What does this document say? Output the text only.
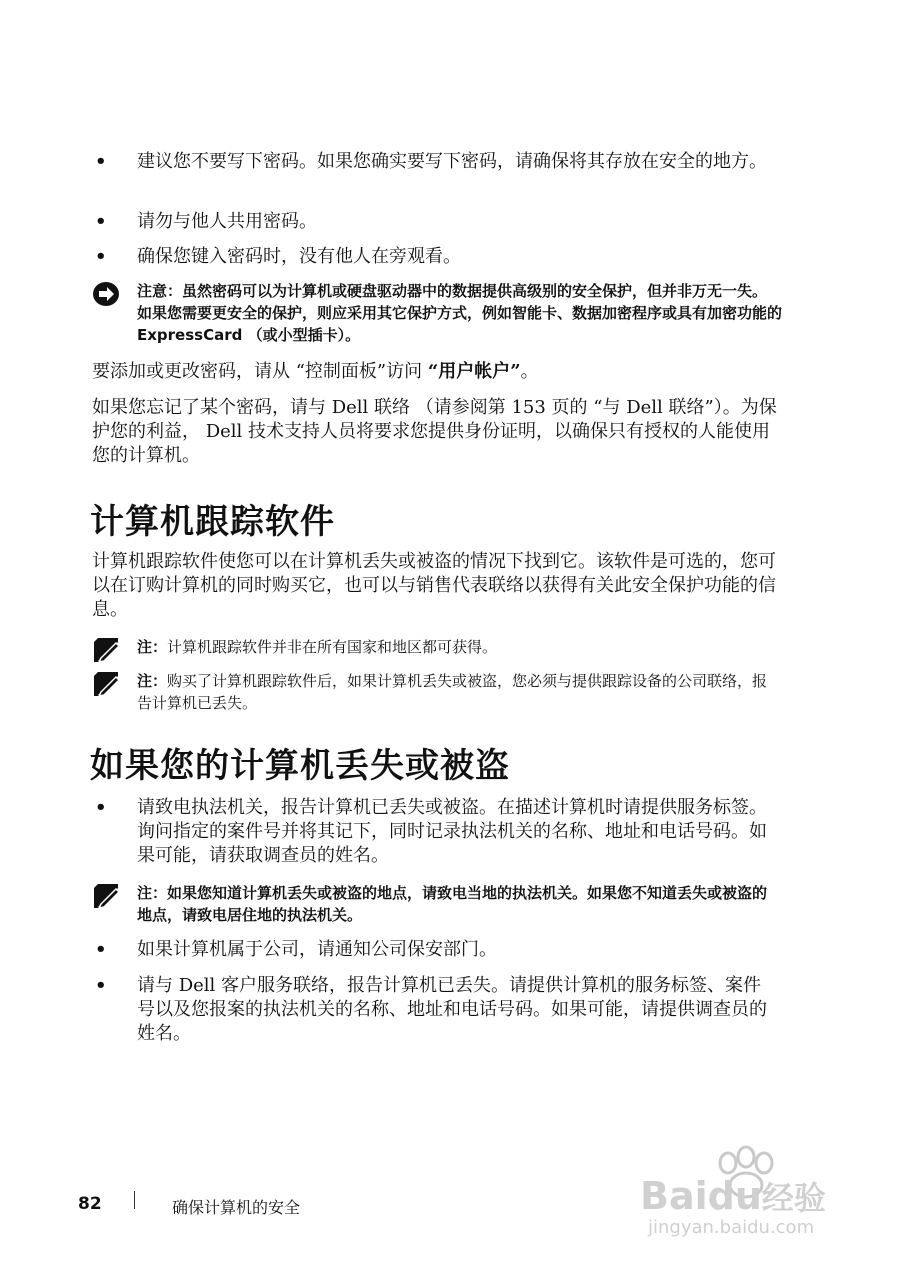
•	建议您不要写下密码。如果您确实要写下密码，请确保将其存放在安全的地方。
•	请勿与他人共用密码。
•	确保您键入密码时，没有他人在旁观看。
注意：虽然密码可以为计算机或硬盘驱动器中的数据提供高级别的安全保护，但并非万无一失。如果您需要更安全的保护，则应采用其它保护方式，例如智能卡、数据加密程序或具有加密功能的 ExpressCard （或小型插卡）。
要添加或更改密码，请从 “控制面板”访问 “用户帐户”。
如果您忘记了某个密码，请与 Dell 联络 （请参阅第 153 页的 “与 Dell 联络”）。为保护您的利益， Dell 技术支持人员将要求您提供身份证明，以确保只有授权的人能使用您的计算机。
计算机跟踪软件
计算机跟踪软件使您可以在计算机丢失或被盗的情况下找到它。该软件是可选的，您可以在订购计算机的同时购买它，也可以与销售代表联络以获得有关此安全保护功能的信息。
注：计算机跟踪软件并非在所有国家和地区都可获得。
注：购买了计算机跟踪软件后，如果计算机丢失或被盗，您必须与提供跟踪设备的公司联络，报告计算机已丢失。
如果您的计算机丢失或被盗
•	请致电执法机关，报告计算机已丢失或被盗。在描述计算机时请提供服务标签。询问指定的案件号并将其记下，同时记录执法机关的名称、地址和电话号码。如果可能，请获取调查员的姓名。
注：如果您知道计算机丢失或被盗的地点，请致电当地的执法机关。如果您不知道丢失或被盗的地点，请致电居住地的执法机关。
•	如果计算机属于公司，请通知公司保安部门。
•	请与 Dell 客户服务联络，报告计算机已丢失。请提供计算机的服务标签、案件号以及您报案的执法机关的名称、地址和电话号码。如果可能，请提供调查员的姓名。
82	确保计算机的安全	Baidu经验
jingyan.baidu.com
